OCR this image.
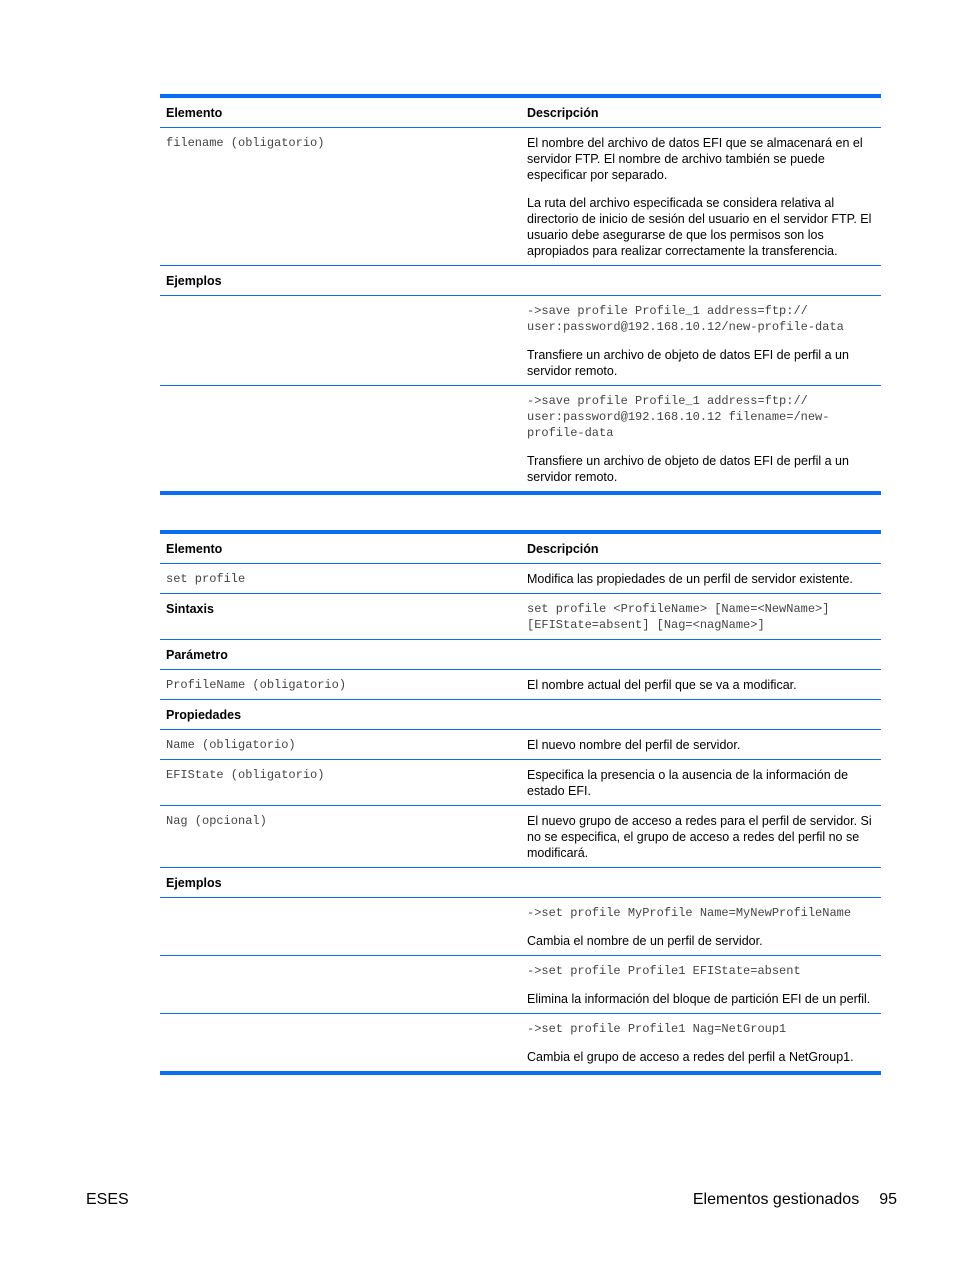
Elemento	Descripción
filename (obligatorio)	El nombre del archivo de datos EFI que se almacenará en el servidor FTP. El nombre de archivo también se puede especificar por separado.
La ruta del archivo especificada se considera relativa al directorio de inicio de sesión del usuario en el servidor FTP. El usuario debe asegurarse de que los permisos son los apropiados para realizar correctamente la transferencia.
Ejemplos
->save profile Profile_1 address=ftp://
user:password@192.168.10.12/new-profile-data
Transfiere un archivo de objeto de datos EFI de perfil a un servidor remoto.
->save profile Profile_1 address=ftp://
user:password@192.168.10.12 filename=/new-
profile-data
Transfiere un archivo de objeto de datos EFI de perfil a un servidor remoto.
Elemento	Descripción
set profile	Modifica las propiedades de un perfil de servidor existente.
Sintaxis	set profile <ProfileName> [Name=<NewName>]
[EFIState=absent] [Nag=<nagName>]
Parámetro
ProfileName (obligatorio)	El nombre actual del perfil que se va a modificar.
Propiedades
Name (obligatorio)	El nuevo nombre del perfil de servidor.
EFIState (obligatorio)	Especifica la presencia o la ausencia de la información de estado EFI.
Nag (opcional)	El nuevo grupo de acceso a redes para el perfil de servidor. Si no se especifica, el grupo de acceso a redes del perfil no se modificará.
Ejemplos
->set profile MyProfile Name=MyNewProfileName
Cambia el nombre de un perfil de servidor.
->set profile Profile1 EFIState=absent
Elimina la información del bloque de partición EFI de un perfil.
->set profile Profile1 Nag=NetGroup1
Cambia el grupo de acceso a redes del perfil a NetGroup1.
ESES	Elementos gestionados 95
